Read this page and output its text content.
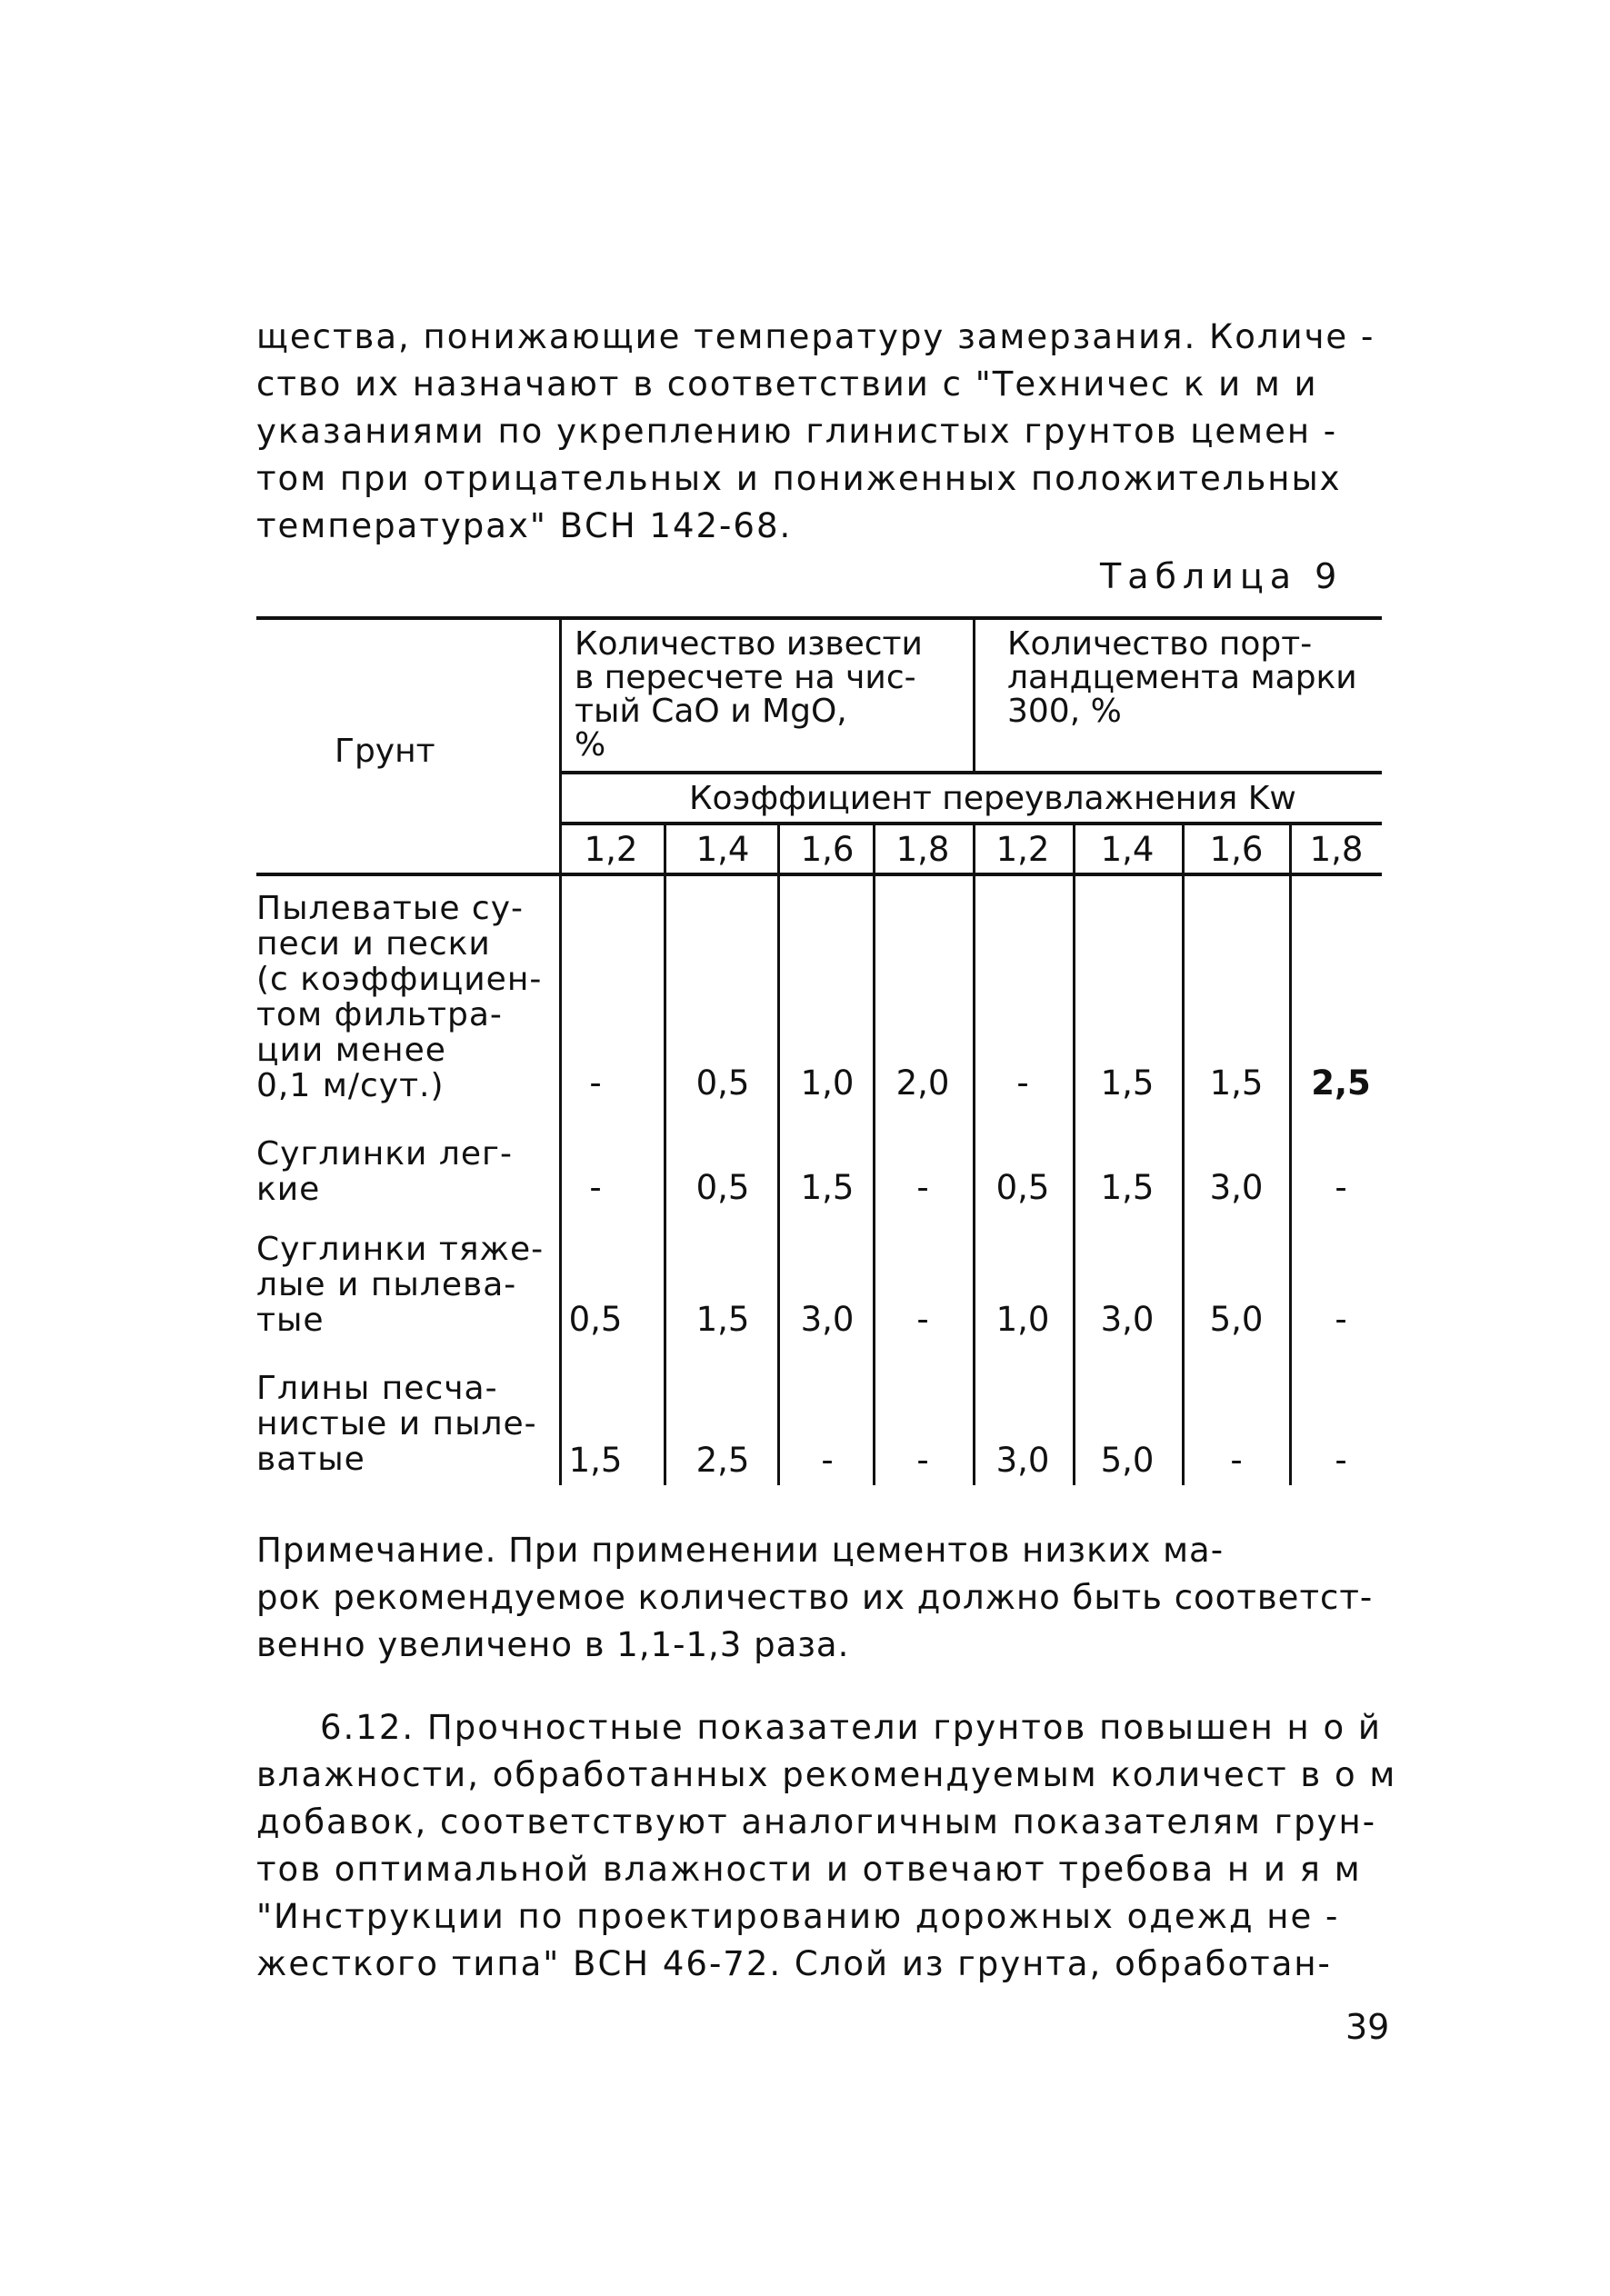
щества, понижающие температуру замерзания. Количе -
ство их назначают в соответствии с "Техничес к и м и
указаниями по укреплению глинистых грунтов цемен -
том при отрицательных и пониженных положительных
температурах" ВСН 142-68.
Таблица 9
Грунт
Количество извести
в пересчете на чис-
тый CaO и MgO,
%
Количество порт-
ландцемента марки
300, %
Коэффициент переувлажнения Kw
1,2	1,4	1,6	1,8	1,2	1,4	1,6	1,8
Пылеватые су-
песи и пески
(с коэффициен-
том фильтра-
ции менее
0,1 м/сут.)	-	0,5	1,0	2,0	-	1,5	1,5	2,5
Суглинки лег-
кие	-	0,5	1,5	-	0,5	1,5	3,0	-
Суглинки тяже-
лые и пылева-
тые	0,5	1,5	3,0	-	1,0	3,0	5,0	-
Глины песча-
нистые и пыле-
ватые	1,5	2,5	-	-	3,0	5,0	-	-
Примечание. При применении цементов низких ма-
рок рекомендуемое количество их должно быть соответст-
венно увеличено в 1,1-1,3 раза.
6.12. Прочностные показатели грунтов повышен н о й
влажности, обработанных рекомендуемым количест в о м
добавок, соответствуют аналогичным показателям грун-
тов оптимальной влажности и отвечают требова н и я м
"Инструкции по проектированию дорожных одежд не -
жесткого типа" ВСН 46-72. Слой из грунта, обработан-
39
